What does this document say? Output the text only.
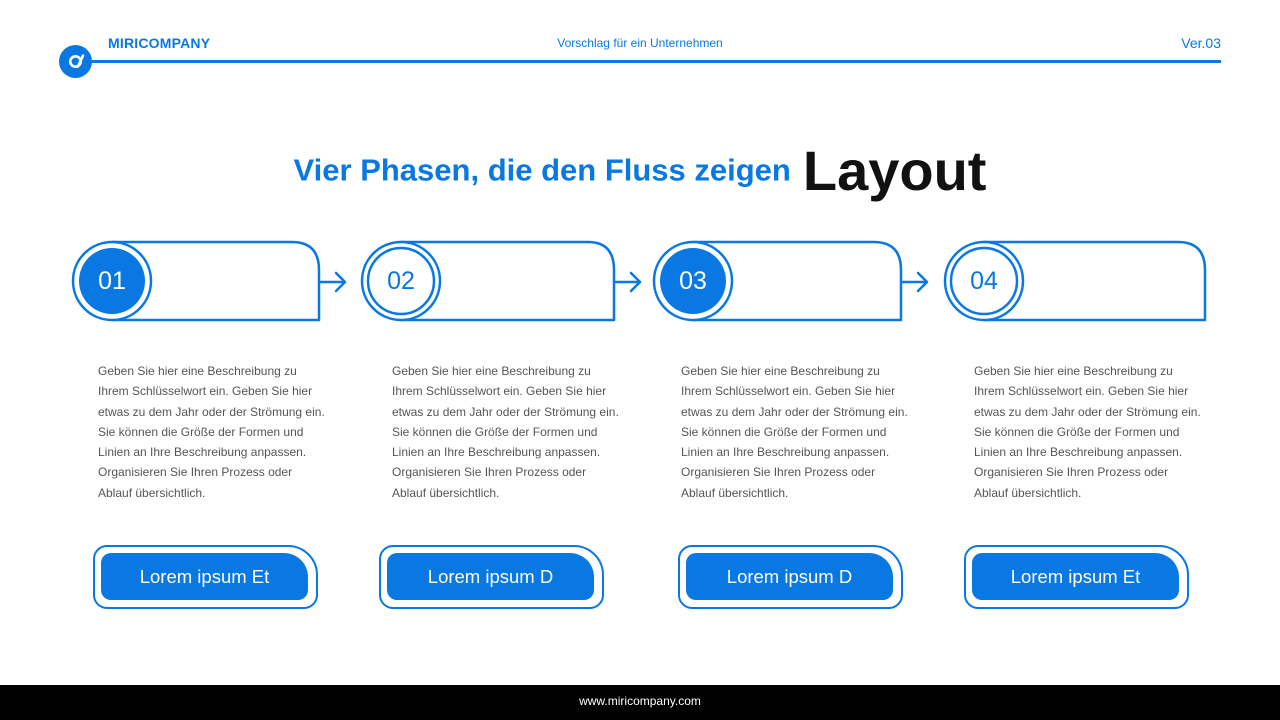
MIRICOMPANY	Vorschlag für ein Unternehmen	Ver.03
Vier Phasen, die den Fluss zeigen Layout
01	02	03	04
Geben Sie hier eine Beschreibung zu Ihrem Schlüsselwort ein. Geben Sie hier etwas zu dem Jahr oder der Strömung ein. Sie können die Größe der Formen und Linien an Ihre Beschreibung anpassen. Organisieren Sie Ihren Prozess oder Ablauf übersichtlich.
Geben Sie hier eine Beschreibung zu Ihrem Schlüsselwort ein. Geben Sie hier etwas zu dem Jahr oder der Strömung ein. Sie können die Größe der Formen und Linien an Ihre Beschreibung anpassen. Organisieren Sie Ihren Prozess oder Ablauf übersichtlich.
Geben Sie hier eine Beschreibung zu Ihrem Schlüsselwort ein. Geben Sie hier etwas zu dem Jahr oder der Strömung ein. Sie können die Größe der Formen und Linien an Ihre Beschreibung anpassen. Organisieren Sie Ihren Prozess oder Ablauf übersichtlich.
Geben Sie hier eine Beschreibung zu Ihrem Schlüsselwort ein. Geben Sie hier etwas zu dem Jahr oder der Strömung ein. Sie können die Größe der Formen und Linien an Ihre Beschreibung anpassen. Organisieren Sie Ihren Prozess oder Ablauf übersichtlich.
Lorem ipsum Et	Lorem ipsum D	Lorem ipsum D	Lorem ipsum Et
www.miricompany.com
